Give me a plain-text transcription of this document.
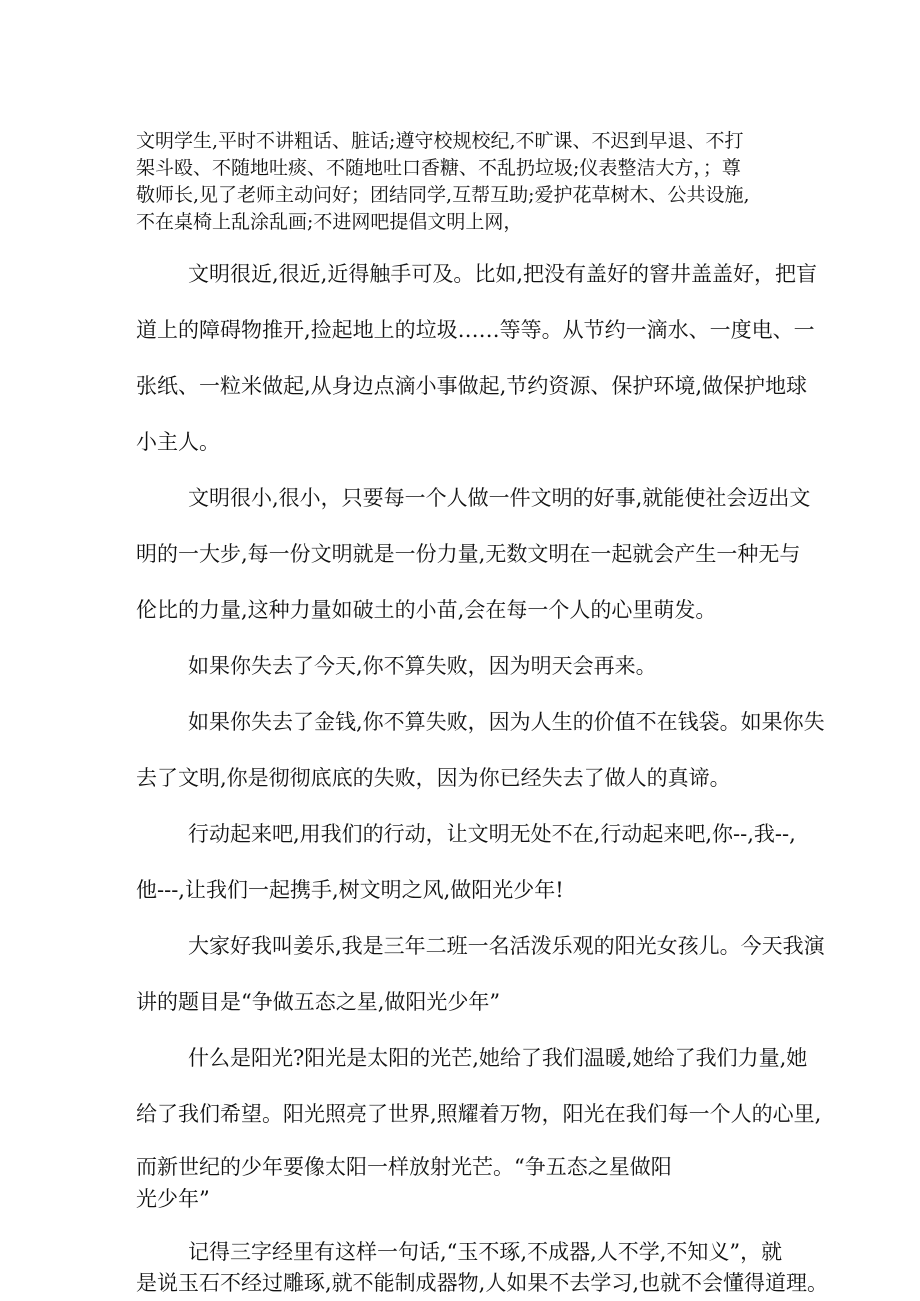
文明学生,平时不讲粗话、脏话;遵守校规校纪,不旷课、不迟到早退、不打
架斗殴、不随地吐痰、不随地吐口香糖、不乱扔垃圾;仪表整洁大方，；尊
敬师长,见了老师主动问好；团结同学,互帮互助;爱护花草树木、公共设施,
不在桌椅上乱涂乱画;不进网吧提倡文明上网，
文明很近,很近,近得触手可及。比如,把没有盖好的窨井盖盖好，把盲
道上的障碍物推开,捡起地上的垃圾……等等。从节约一滴水、一度电、一
张纸、一粒米做起,从身边点滴小事做起,节约资源、保护环境,做保护地球
小主人。
文明很小,很小，只要每一个人做一件文明的好事,就能使社会迈出文
明的一大步,每一份文明就是一份力量,无数文明在一起就会产生一种无与
伦比的力量,这种力量如破土的小苗,会在每一个人的心里萌发。
如果你失去了今天,你不算失败，因为明天会再来。
如果你失去了金钱,你不算失败，因为人生的价值不在钱袋。如果你失
去了文明,你是彻彻底底的失败，因为你已经失去了做人的真谛。
行动起来吧,用我们的行动，让文明无处不在,行动起来吧,你--,我--,
他---,让我们一起携手,树文明之风,做阳光少年!
大家好我叫姜乐,我是三年二班一名活泼乐观的阳光女孩儿。今天我演
讲的题目是“争做五态之星,做阳光少年”
什么是阳光?阳光是太阳的光芒,她给了我们温暖,她给了我们力量,她
给了我们希望。阳光照亮了世界,照耀着万物，阳光在我们每一个人的心里,
而新世纪的少年要像太阳一样放射光芒。“争五态之星做阳
光少年”
记得三字经里有这样一句话,“玉不琢,不成器,人不学,不知义”，就
是说玉石不经过雕琢,就不能制成器物,人如果不去学习,也就不会懂得道理。
